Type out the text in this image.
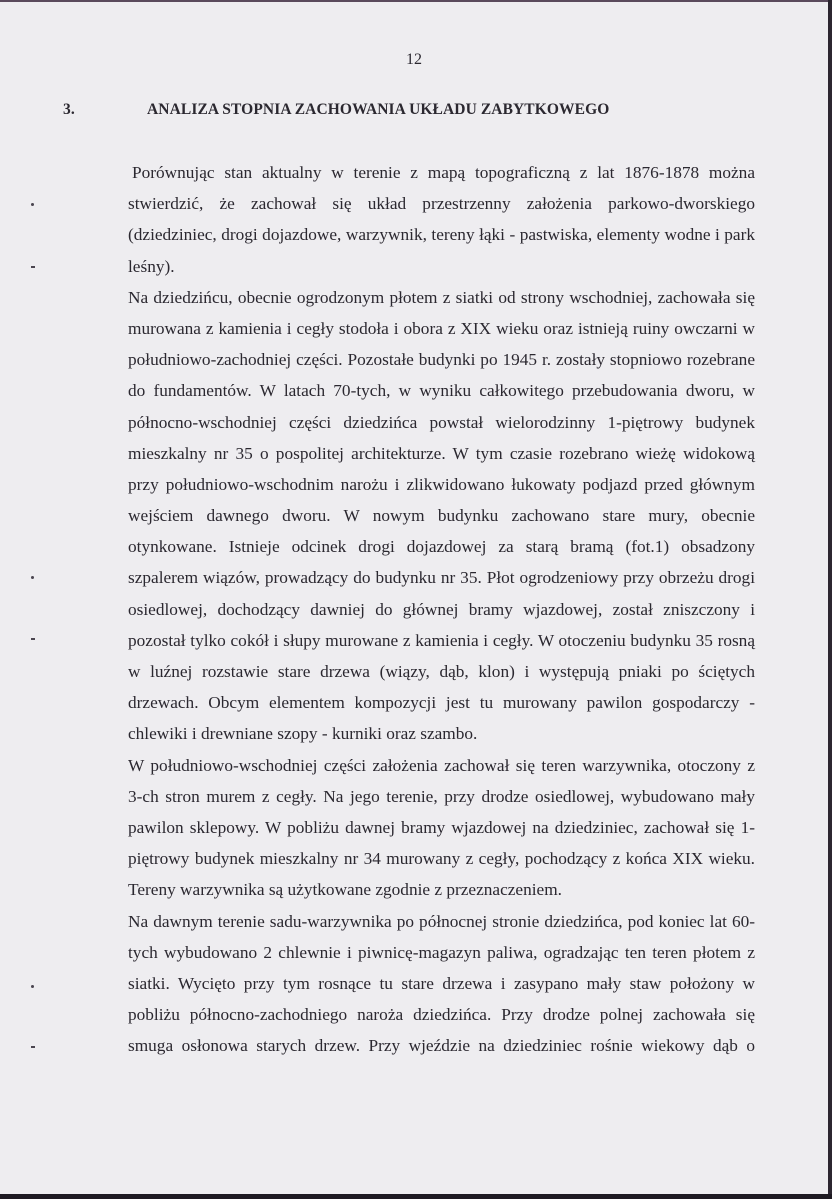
12
3.	ANALIZA STOPNIA ZACHOWANIA UKŁADU ZABYTKOWEGO
Porównując stan aktualny w terenie z mapą topograficzną z lat 1876-1878 można
stwierdzić, że zachował się układ przestrzenny założenia parkowo-dworskiego
(dziedziniec, drogi dojazdowe, warzywnik, tereny łąki - pastwiska, elementy wodne i park
leśny).
Na dziedzińcu, obecnie ogrodzonym płotem z siatki od strony wschodniej, zachowała się
murowana z kamienia i cegły stodoła i obora z XIX wieku oraz istnieją ruiny owczarni w
południowo-zachodniej części. Pozostałe budynki po 1945 r. zostały stopniowo rozebrane
do fundamentów. W latach 70-tych, w wyniku całkowitego przebudowania dworu, w
północno-wschodniej części dziedzińca powstał wielorodzinny 1-piętrowy budynek
mieszkalny nr 35 o pospolitej architekturze. W tym czasie rozebrano wieżę widokową
przy południowo-wschodnim narożu i zlikwidowano łukowaty podjazd przed głównym
wejściem dawnego dworu. W nowym budynku zachowano stare mury, obecnie
otynkowane. Istnieje odcinek drogi dojazdowej za starą bramą (fot.1) obsadzony
szpalerem wiązów, prowadzący do budynku nr 35. Płot ogrodzeniowy przy obrzeżu drogi
osiedlowej, dochodzący dawniej do głównej bramy wjazdowej, został zniszczony i
pozostał tylko cokół i słupy murowane z kamienia i cegły. W otoczeniu budynku 35 rosną
w luźnej rozstawie stare drzewa (wiązy, dąb, klon) i występują pniaki po ściętych
drzewach. Obcym elementem kompozycji jest tu murowany pawilon gospodarczy -
chlewiki i drewniane szopy - kurniki oraz szambo.
W południowo-wschodniej części założenia zachował się teren warzywnika, otoczony z
3-ch stron murem z cegły. Na jego terenie, przy drodze osiedlowej, wybudowano mały
pawilon sklepowy. W pobliżu dawnej bramy wjazdowej na dziedziniec, zachował się 1-
piętrowy budynek mieszkalny nr 34 murowany z cegły, pochodzący z końca XIX wieku.
Tereny warzywnika są użytkowane zgodnie z przeznaczeniem.
Na dawnym terenie sadu-warzywnika po północnej stronie dziedzińca, pod koniec lat 60-
tych wybudowano 2 chlewnie i piwnicę-magazyn paliwa, ogradzając ten teren płotem z
siatki. Wycięto przy tym rosnące tu stare drzewa i zasypano mały staw położony w
pobliżu północno-zachodniego naroża dziedzińca. Przy drodze polnej zachowała się
smuga osłonowa starych drzew. Przy wjeździe na dziedziniec rośnie wiekowy dąb o
